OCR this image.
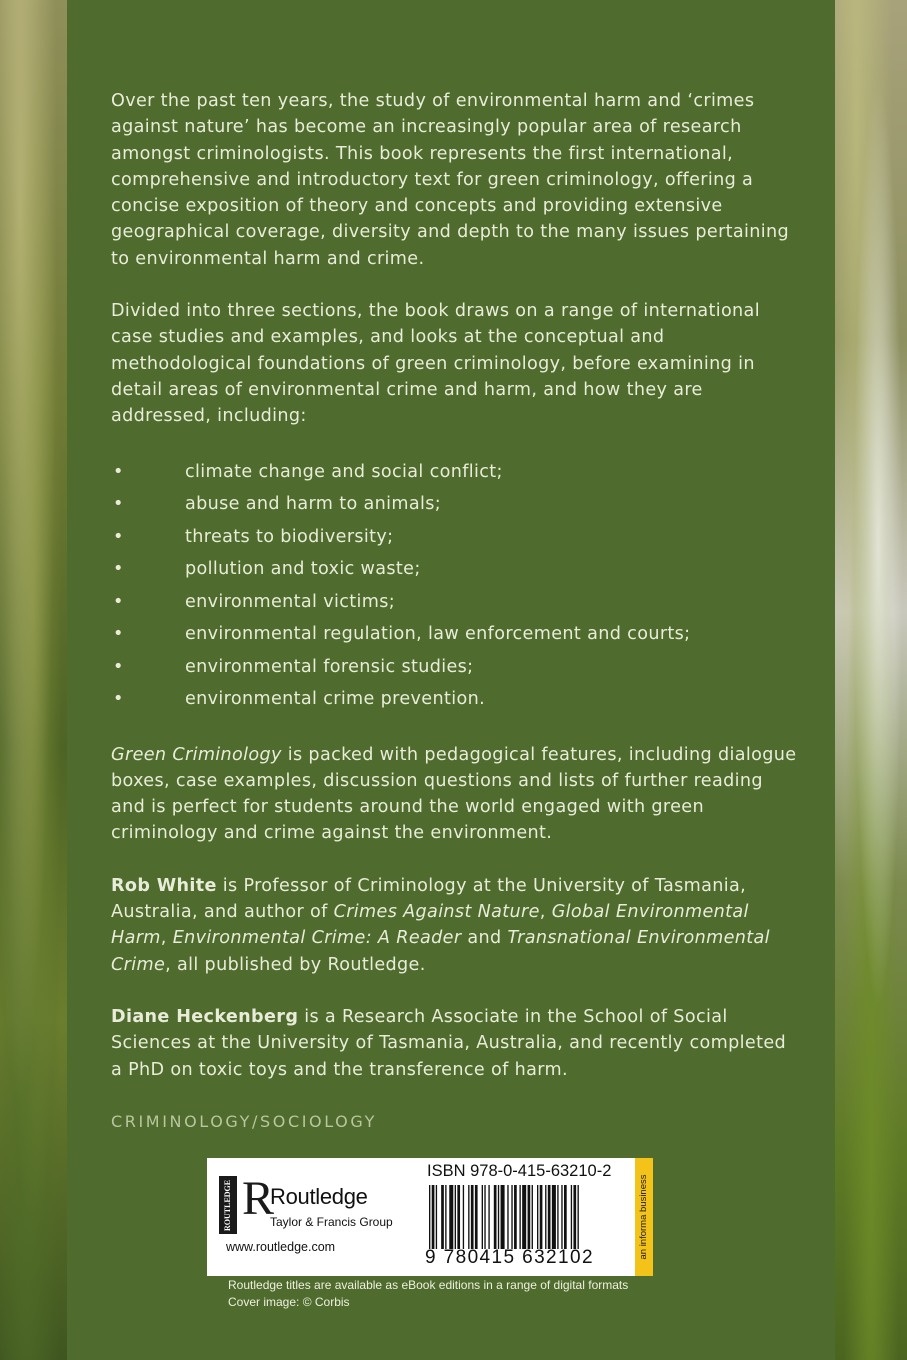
Over the past ten years, the study of environmental harm and ‘crimes against nature’ has become an increasingly popular area of research amongst criminologists. This book represents the first international, comprehensive and introductory text for green criminology, offering a concise exposition of theory and concepts and providing extensive geographical coverage, diversity and depth to the many issues pertaining to environmental harm and crime.

Divided into three sections, the book draws on a range of international case studies and examples, and looks at the conceptual and methodological foundations of green criminology, before examining in detail areas of environmental crime and harm, and how they are addressed, including:

•	climate change and social conflict;
•	abuse and harm to animals;
•	threats to biodiversity;
•	pollution and toxic waste;
•	environmental victims;
•	environmental regulation, law enforcement and courts;
•	environmental forensic studies;
•	environmental crime prevention.

Green Criminology is packed with pedagogical features, including dialogue boxes, case examples, discussion questions and lists of further reading and is perfect for students around the world engaged with green criminology and crime against the environment.

Rob White is Professor of Criminology at the University of Tasmania, Australia, and author of Crimes Against Nature, Global Environmental Harm, Environmental Crime: A Reader and Transnational Environmental Crime, all published by Routledge.

Diane Heckenberg is a Research Associate in the School of Social Sciences at the University of Tasmania, Australia, and recently completed a PhD on toxic toys and the transference of harm.

CRIMINOLOGY/SOCIOLOGY
ROUTLEDGE R
Routledge
Taylor & Francis Group
www.routledge.com
ISBN 978-0-415-63210-2
9 780415 632102	an informa business
Routledge titles are available as eBook editions in a range of digital formats
Cover image: © Corbis
